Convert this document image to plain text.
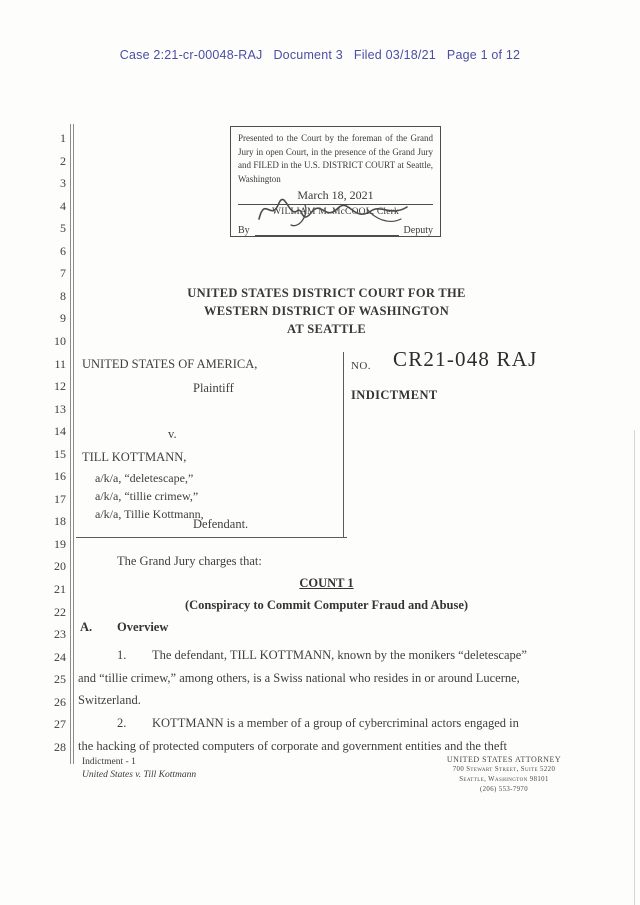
Case 2:21-cr-00048-RAJ   Document 3   Filed 03/18/21   Page 1 of 12
Presented to the Court by the foreman of the Grand Jury in open Court, in the presence of the Grand Jury and FILED in the U.S. DISTRICT COURT at Seattle, Washington
March 18, 2021
WILLIAM M. McCOOL, Clerk
By	Deputy
1
2
3
4
5
6
7
8
9
10
11
12
13
14
15
16
17
18
19
20
21
22
23
24
25
26
27
28
UNITED STATES DISTRICT COURT FOR THE
WESTERN DISTRICT OF WASHINGTON
AT SEATTLE
UNITED STATES OF AMERICA,
Plaintiff
v.
TILL KOTTMANN,
a/k/a, “deletescape,”
a/k/a, “tillie crimew,”
a/k/a, Tillie Kottmann,
Defendant.
NO. CR21-048 RAJ
INDICTMENT
The Grand Jury charges that:
COUNT 1
(Conspiracy to Commit Computer Fraud and Abuse)
A. Overview
1. The defendant, TILL KOTTMANN, known by the monikers “deletescape”
and “tillie crimew,” among others, is a Swiss national who resides in or around Lucerne,
Switzerland.
2. KOTTMANN is a member of a group of cybercriminal actors engaged in
the hacking of protected computers of corporate and government entities and the theft
Indictment - 1
United States v. Till Kottmann
UNITED STATES ATTORNEY
700 Stewart Street, Suite 5220
Seattle, Washington 98101
(206) 553-7970
